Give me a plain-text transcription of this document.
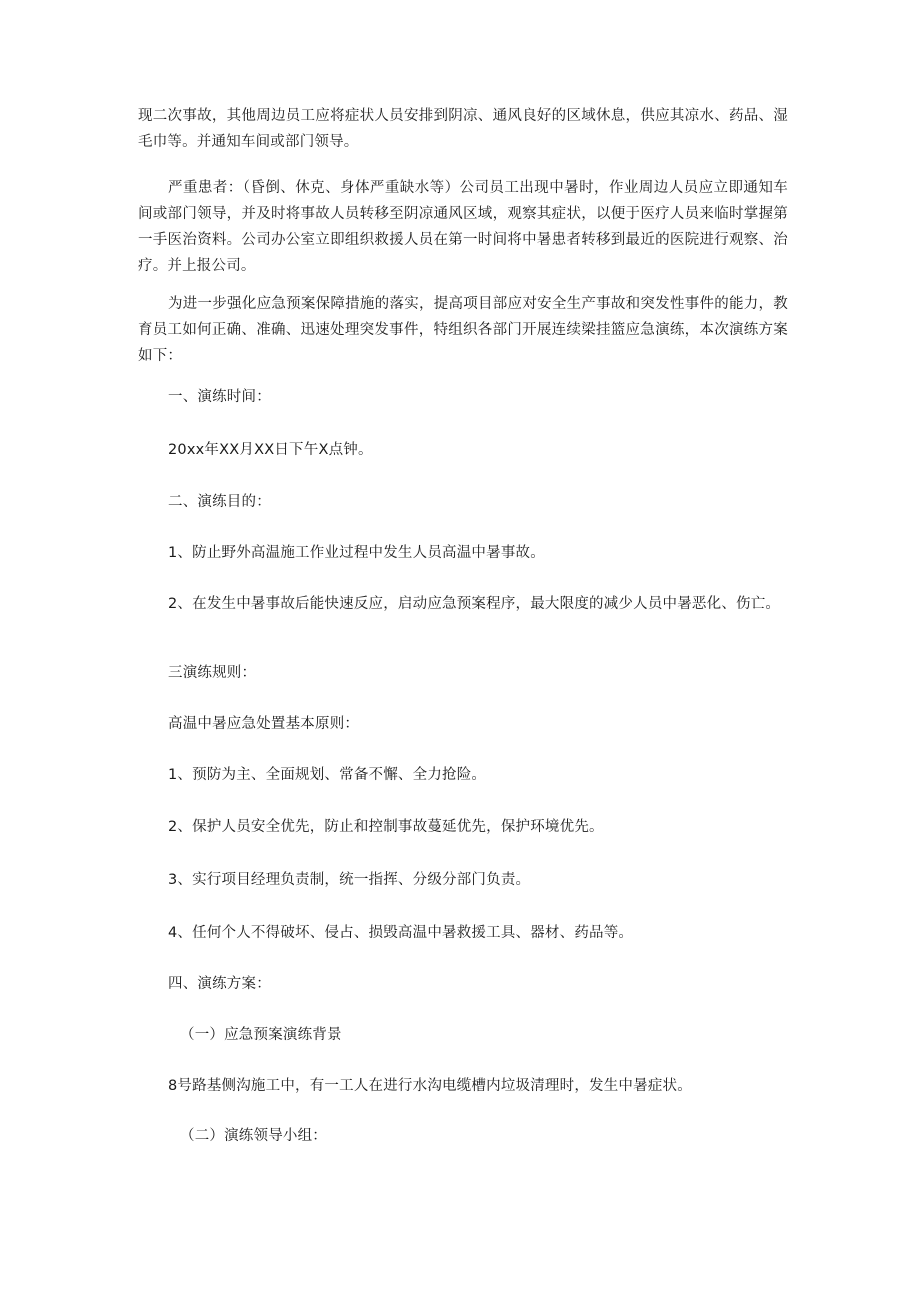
现二次事故，其他周边员工应将症状人员安排到阴凉、通风良好的区域休息，供应其凉水、药品、湿毛巾等。并通知车间或部门领导。

严重患者：（昏倒、休克、身体严重缺水等）公司员工出现中暑时，作业周边人员应立即通知车间或部门领导，并及时将事故人员转移至阴凉通风区域，观察其症状，以便于医疗人员来临时掌握第一手医治资料。公司办公室立即组织救援人员在第一时间将中暑患者转移到最近的医院进行观察、治疗。并上报公司。

为进一步强化应急预案保障措施的落实，提高项目部应对安全生产事故和突发性事件的能力，教育员工如何正确、准确、迅速处理突发事件，特组织各部门开展连续梁挂篮应急演练，本次演练方案如下：

一、演练时间：

20xx年XX月XX日下午X点钟。

二、演练目的：

1、防止野外高温施工作业过程中发生人员高温中暑事故。

2、在发生中暑事故后能快速反应，启动应急预案程序，最大限度的减少人员中暑恶化、伤亡。

三演练规则：

高温中暑应急处置基本原则：

1、预防为主、全面规划、常备不懈、全力抢险。

2、保护人员安全优先，防止和控制事故蔓延优先，保护环境优先。

3、实行项目经理负责制，统一指挥、分级分部门负责。

4、任何个人不得破坏、侵占、损毁高温中暑救援工具、器材、药品等。

四、演练方案：

（一）应急预案演练背景

8号路基侧沟施工中，有一工人在进行水沟电缆槽内垃圾清理时，发生中暑症状。

（二）演练领导小组：
